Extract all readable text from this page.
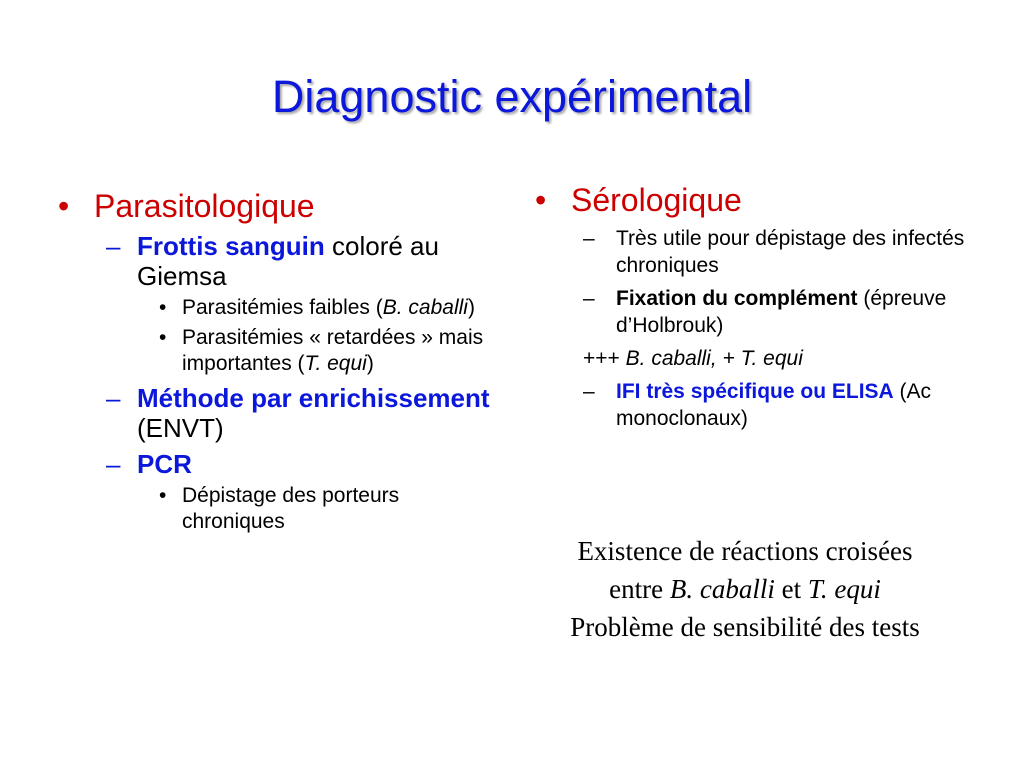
Diagnostic expérimental
• Parasitologique
– Frottis sanguin coloré au Giemsa
• Parasitémies faibles (B. caballi)
• Parasitémies « retardées » mais importantes (T. equi)
– Méthode par enrichissement (ENVT)
– PCR
• Dépistage des porteurs chroniques
• Sérologique
– Très utile pour dépistage des infectés chroniques
– Fixation du complément (épreuve d’Holbrouk)
+++ B. caballi, + T. equi
– IFI très spécifique ou ELISA (Ac monoclonaux)
Existence de réactions croisées
entre B. caballi et T. equi
Problème de sensibilité des tests
